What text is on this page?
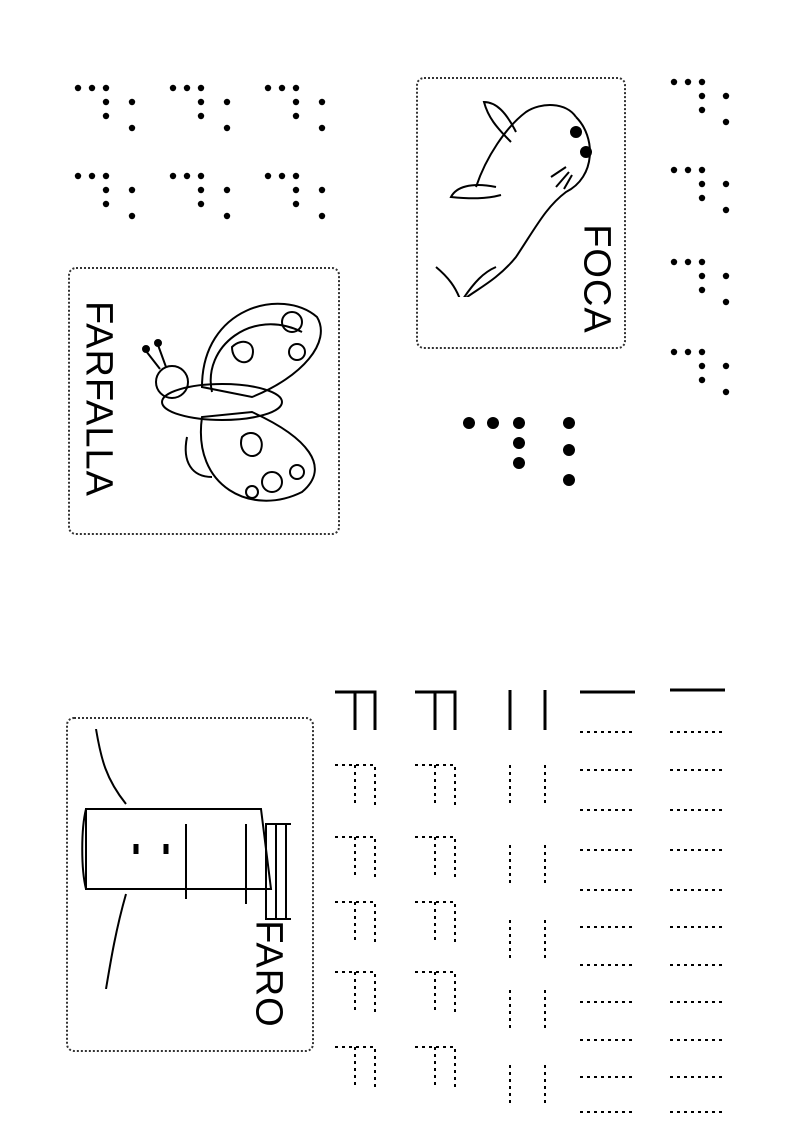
FARFALLA
FOCA
FARO
